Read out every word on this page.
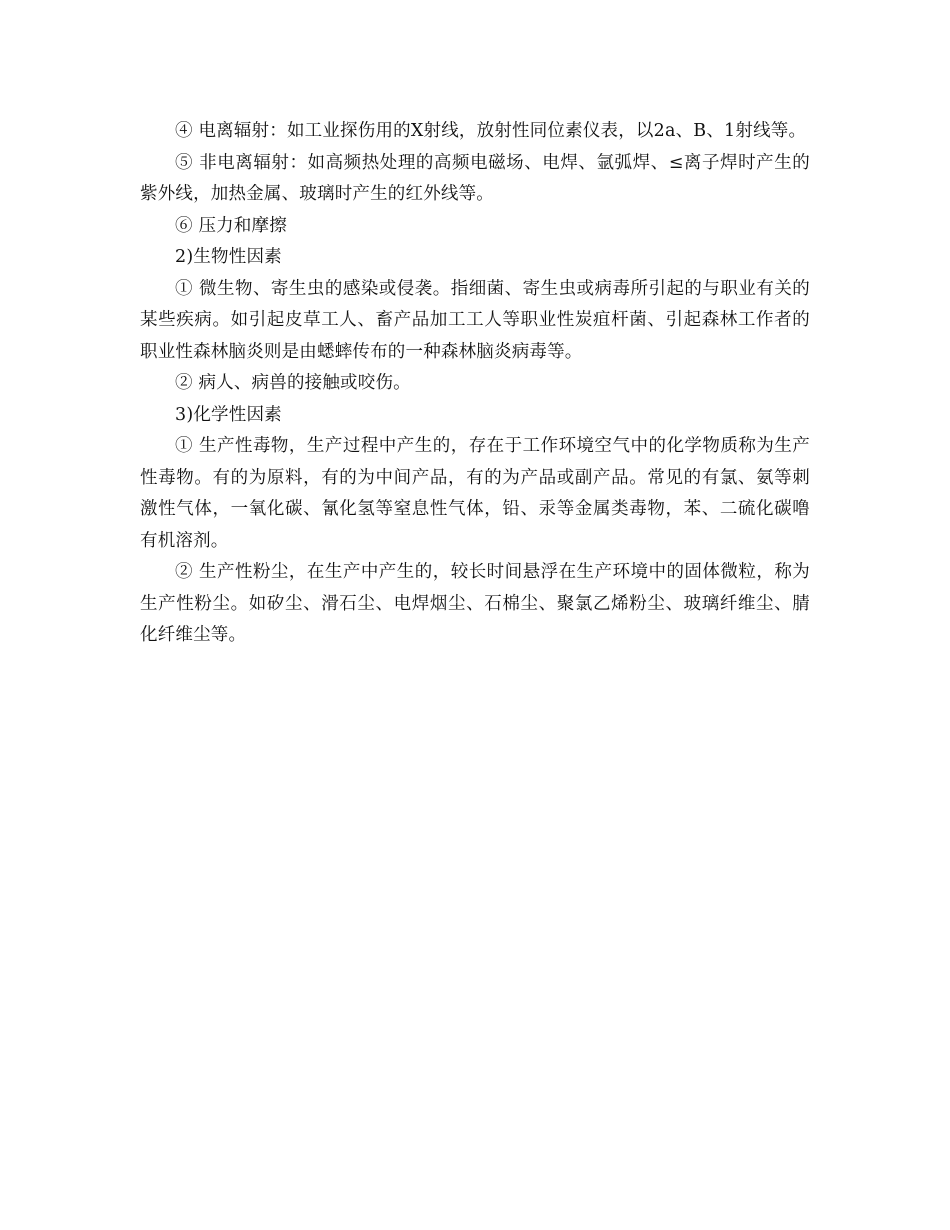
④ 电离辐射：如工业探伤用的X射线，放射性同位素仪表，以2a、B、1射线等。

⑤ 非电离辐射：如高频热处理的高频电磁场、电焊、氩弧焊、≤离子焊时产生的紫外线，加热金属、玻璃时产生的红外线等。

⑥ 压力和摩擦

2)生物性因素

① 微生物、寄生虫的感染或侵袭。指细菌、寄生虫或病毒所引起的与职业有关的某些疾病。如引起皮草工人、畜产品加工工人等职业性炭疽杆菌、引起森林工作者的职业性森林脑炎则是由蟋蟀传布的一种森林脑炎病毒等。

② 病人、病兽的接触或咬伤。

3)化学性因素

① 生产性毒物，生产过程中产生的，存在于工作环境空气中的化学物质称为生产性毒物。有的为原料，有的为中间产品，有的为产品或副产品。常见的有氯、氨等刺激性气体，一氧化碳、氰化氢等窒息性气体，铅、汞等金属类毒物，苯、二硫化碳噜有机溶剂。

② 生产性粉尘，在生产中产生的，较长时间悬浮在生产环境中的固体微粒，称为生产性粉尘。如矽尘、滑石尘、电焊烟尘、石棉尘、聚氯乙烯粉尘、玻璃纤维尘、腈化纤维尘等。
